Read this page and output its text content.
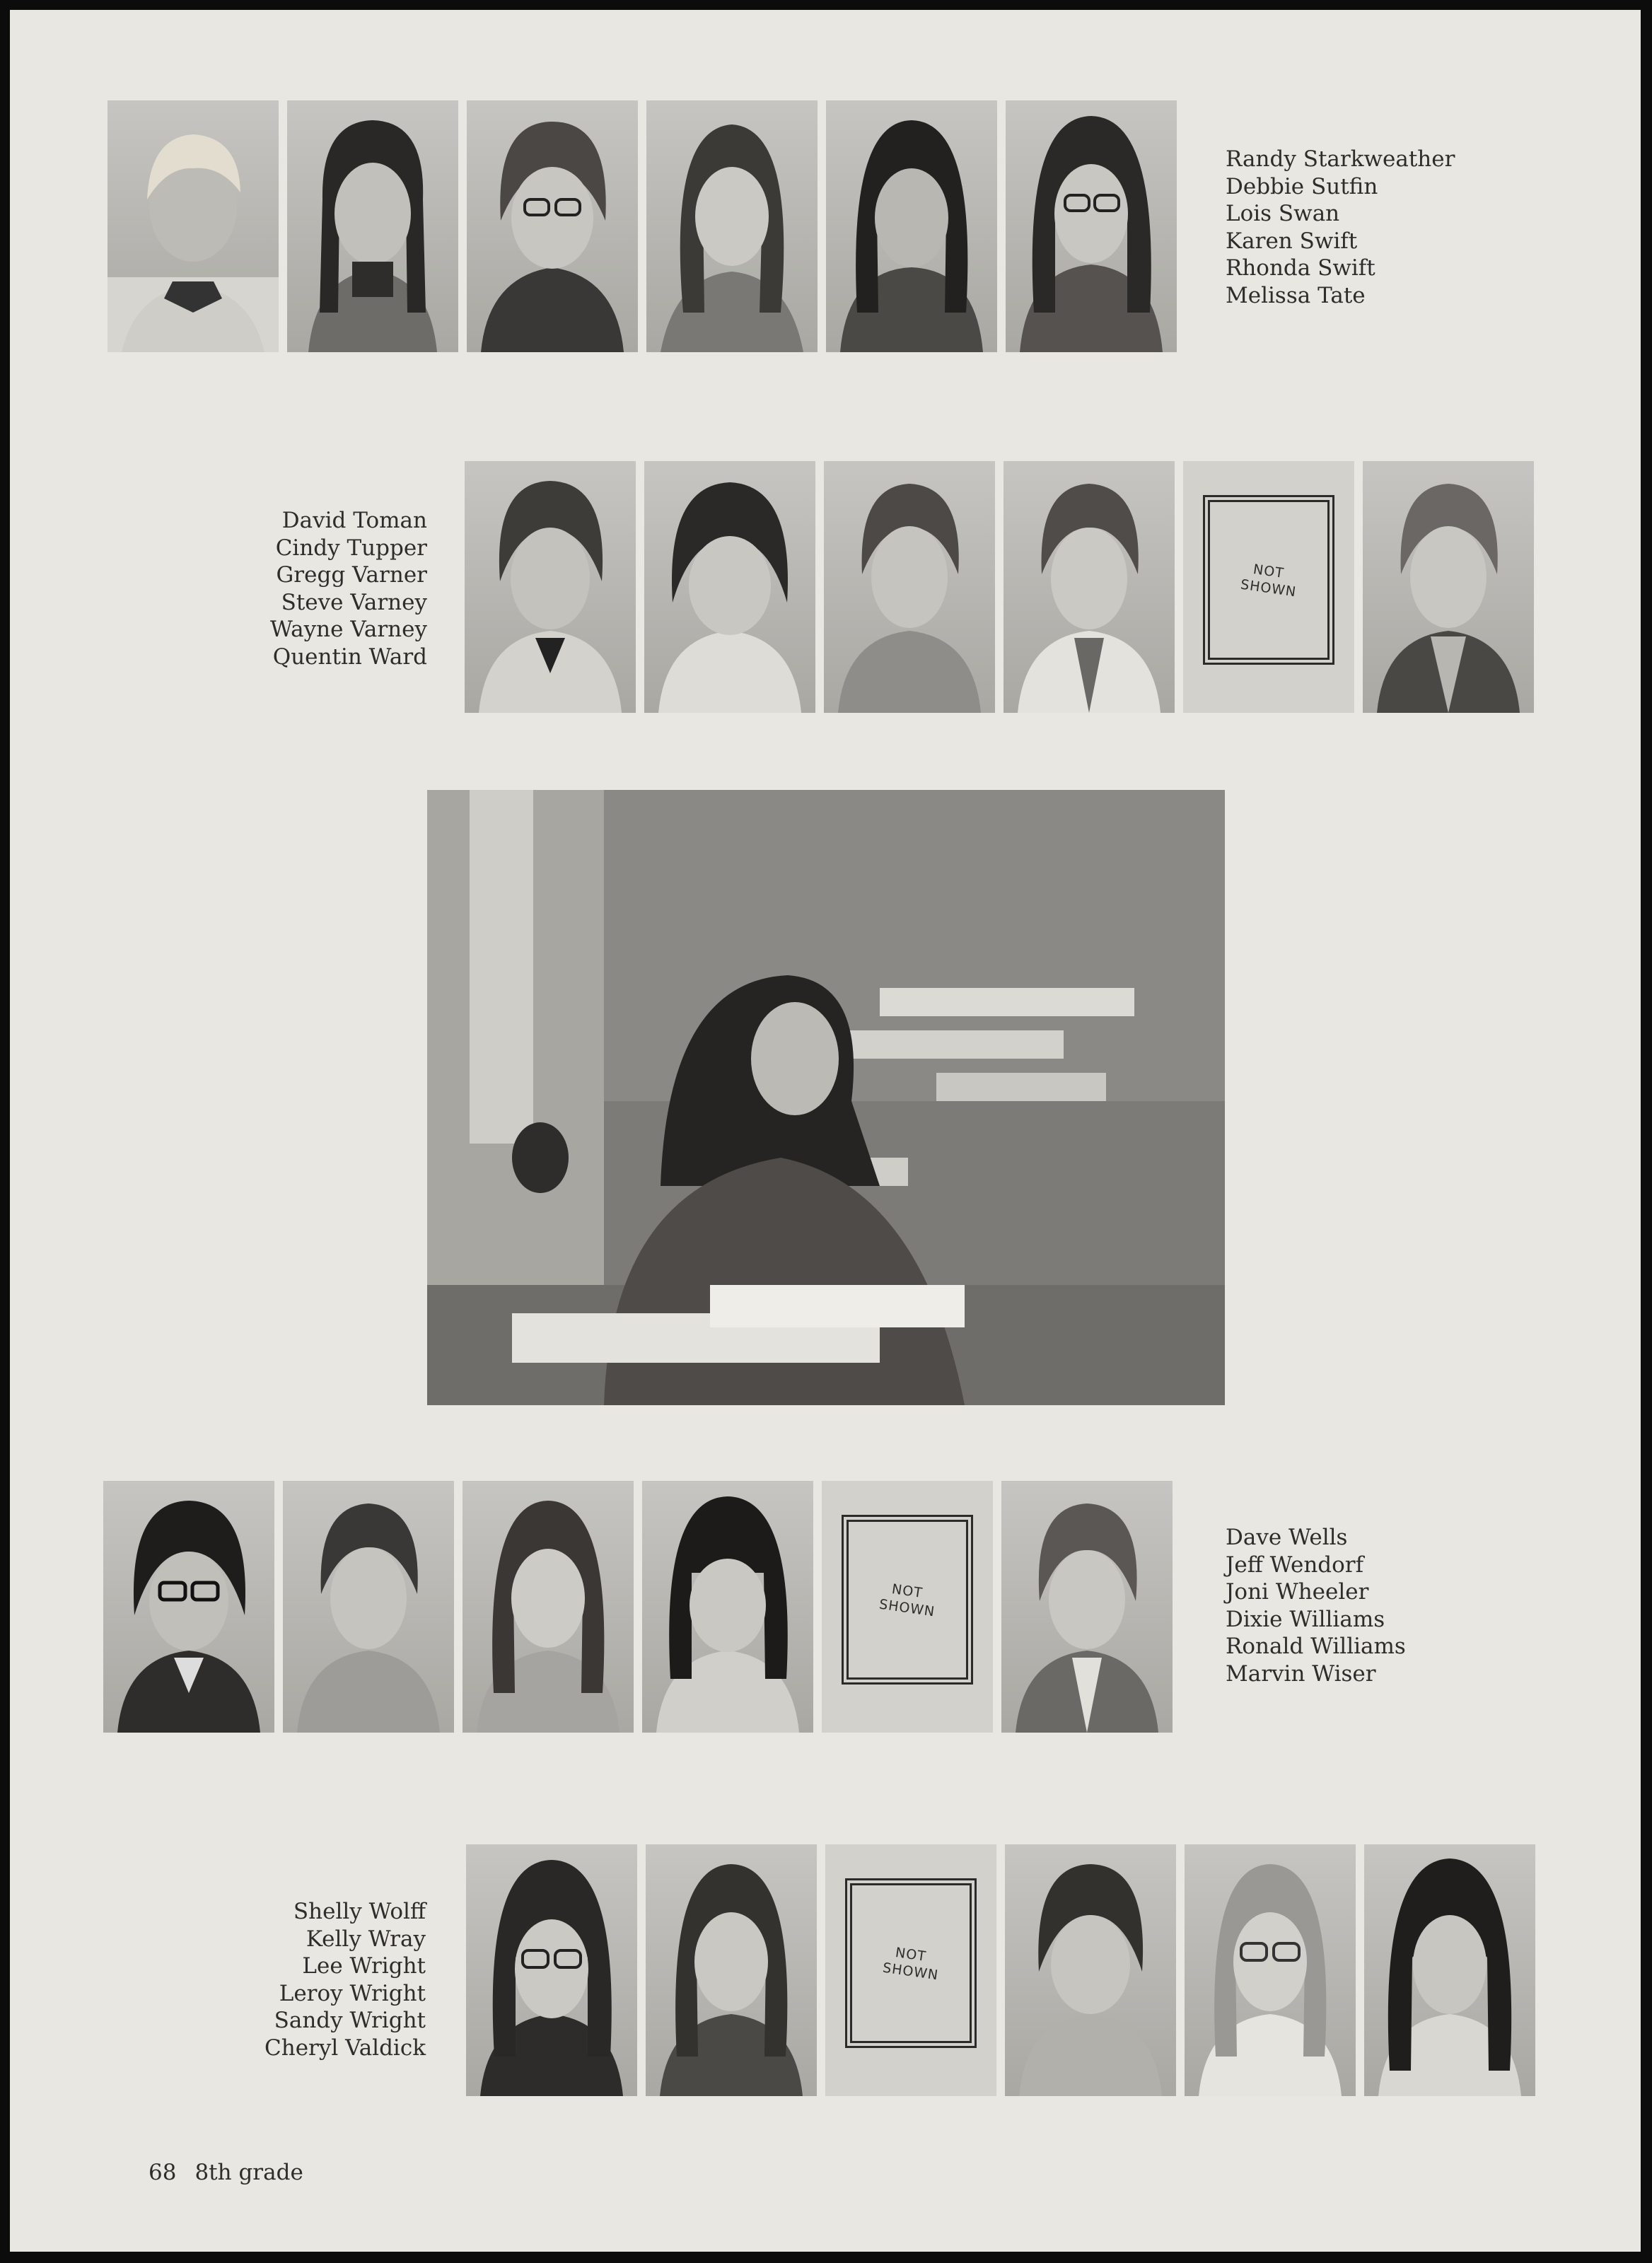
Randy Starkweather
Debbie Sutfin
Lois Swan
Karen Swift
Rhonda Swift
Melissa Tate
David Toman
Cindy Tupper
Gregg Varner
Steve Varney
Wayne Varney
Quentin Ward
NOT
SHOWN
NOT
SHOWN
Dave Wells
Jeff Wendorf
Joni Wheeler
Dixie Williams
Ronald Williams
Marvin Wiser
Shelly Wolff
Kelly Wray
Lee Wright
Leroy Wright
Sandy Wright
Cheryl Valdick
NOT
SHOWN
68 8th grade
